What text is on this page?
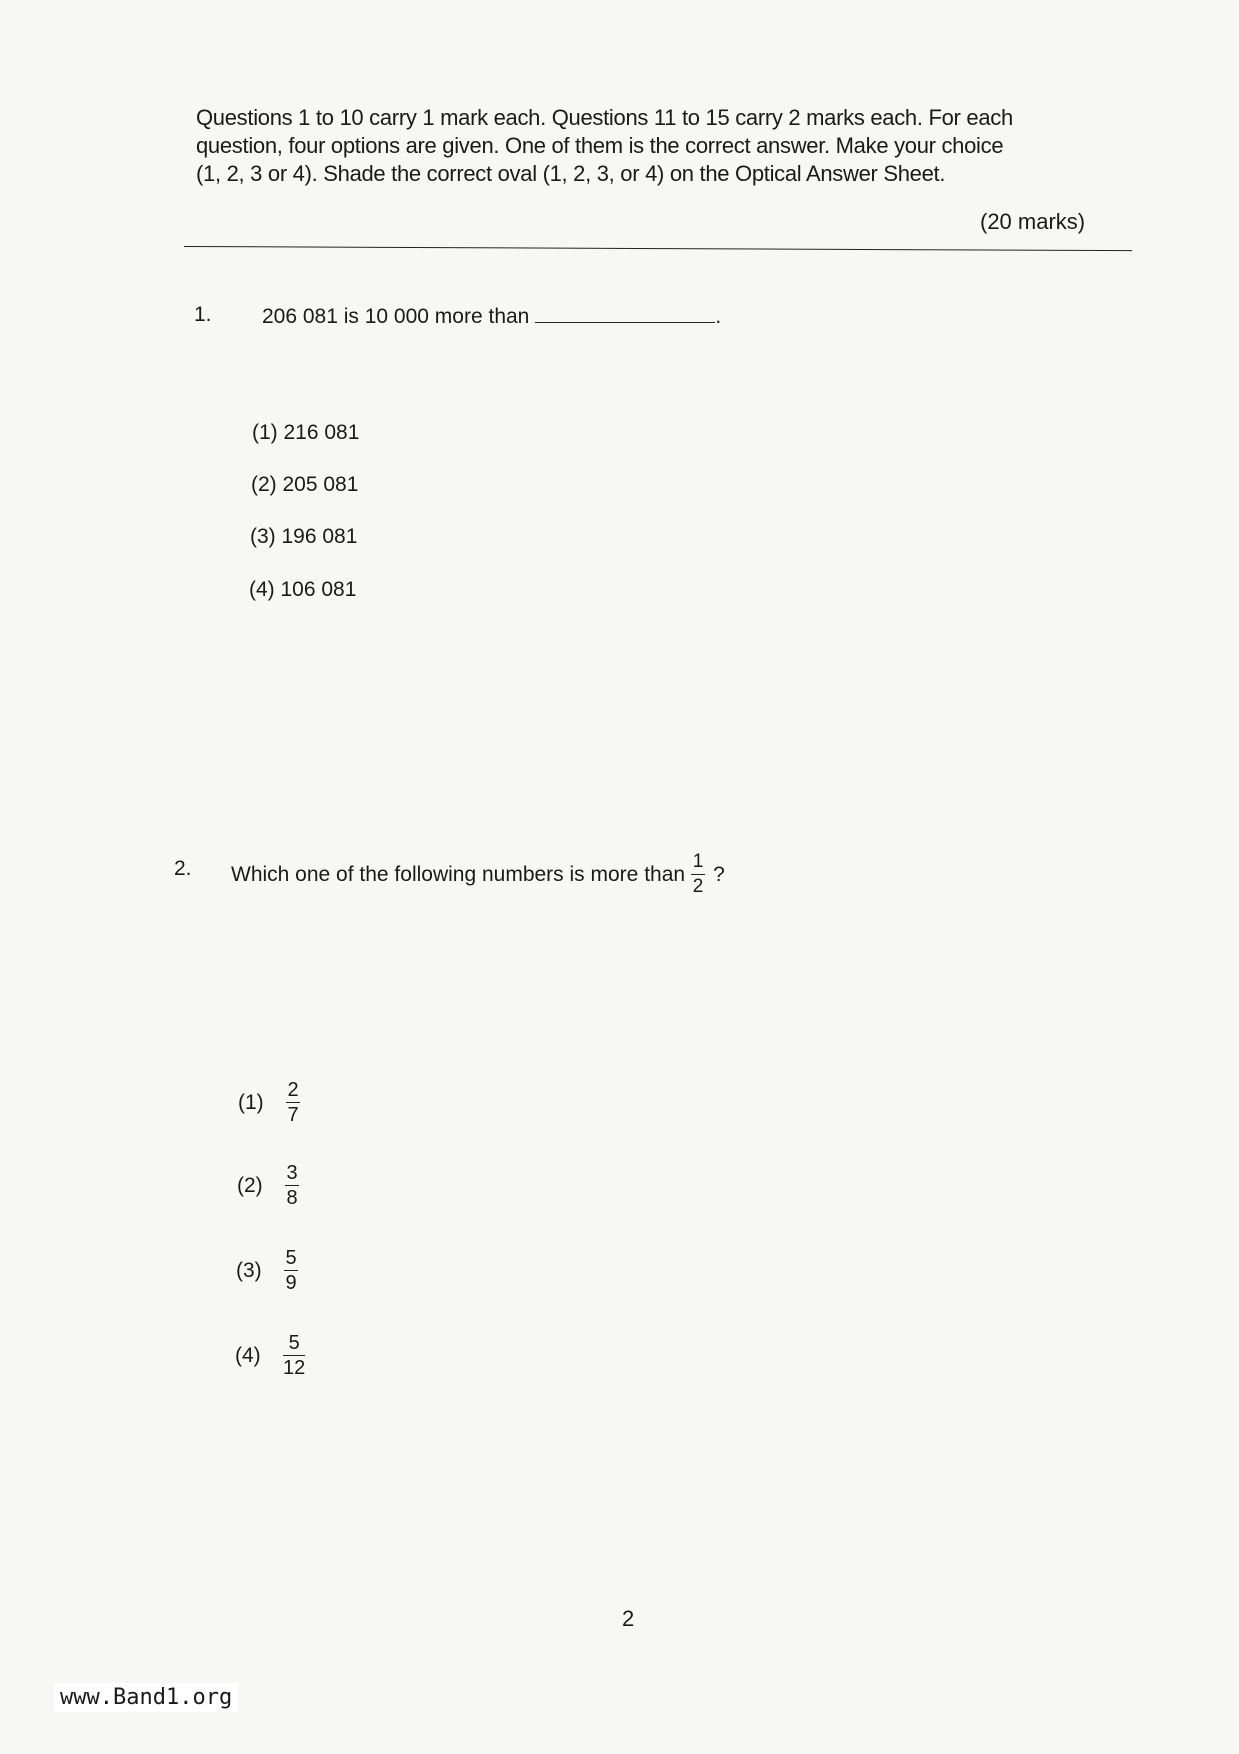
Questions 1 to 10 carry 1 mark each. Questions 11 to 15 carry 2 marks each. For each

question, four options are given. One of them is the correct answer. Make your choice

(1, 2, 3 or 4). Shade the correct oval (1, 2, 3, or 4) on the Optical Answer Sheet.

(20 marks)
1. 206 081 is 10 000 more than	.
(1) 216 081
(2) 205 081
(3) 196 081
(4) 106 081
2. Which one of the following numbers is more than $\frac{1}{2}$ ?
(1)	$\frac{2}{7}$
(2)	$\frac{3}{8}$
(3)	$\frac{5}{9}$
(4)	$\frac{5}{12}$
2
www.Band1.org
